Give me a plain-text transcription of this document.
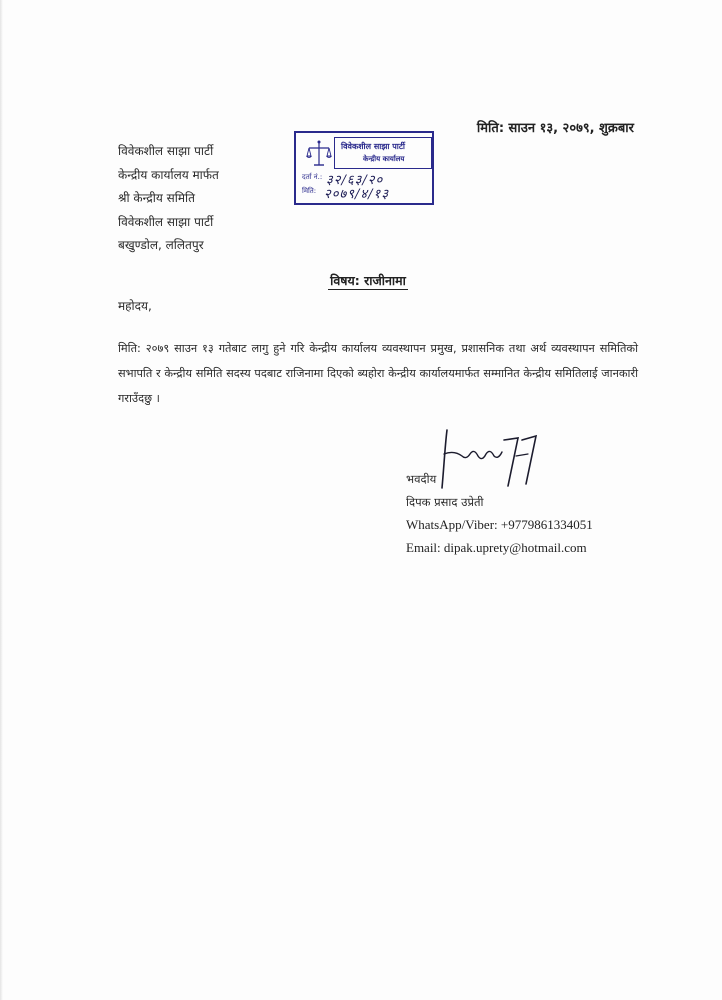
मिति: साउन १३, २०७९, शुक्रबार
विवेकशील साझा पार्टी
केन्द्रीय कार्यालय मार्फत
श्री केन्द्रीय समिति
विवेकशील साझा पार्टी
बखुण्डोल, ललितपुर
विवेकशील साझा पार्टी
केन्द्रीय कार्यालय
दर्ता नं.:
मिति:
३२/६३/२०
२०७९/४/१३
विषय: राजीनामा
महोदय,
मिति: २०७९ साउन १३ गतेबाट लागु हुने गरि केन्द्रीय कार्यालय व्यवस्थापन प्रमुख, प्रशासनिक तथा अर्थ व्यवस्थापन समितिको सभापति र केन्द्रीय समिति सदस्य पदबाट राजिनामा दिएको ब्यहोरा केन्द्रीय कार्यालयमार्फत सम्मानित केन्द्रीय समितिलाई जानकारी गराउँदछु ।
भवदीय
दिपक प्रसाद उप्रेती
WhatsApp/Viber: +9779861334051
Email: dipak.uprety@hotmail.com
